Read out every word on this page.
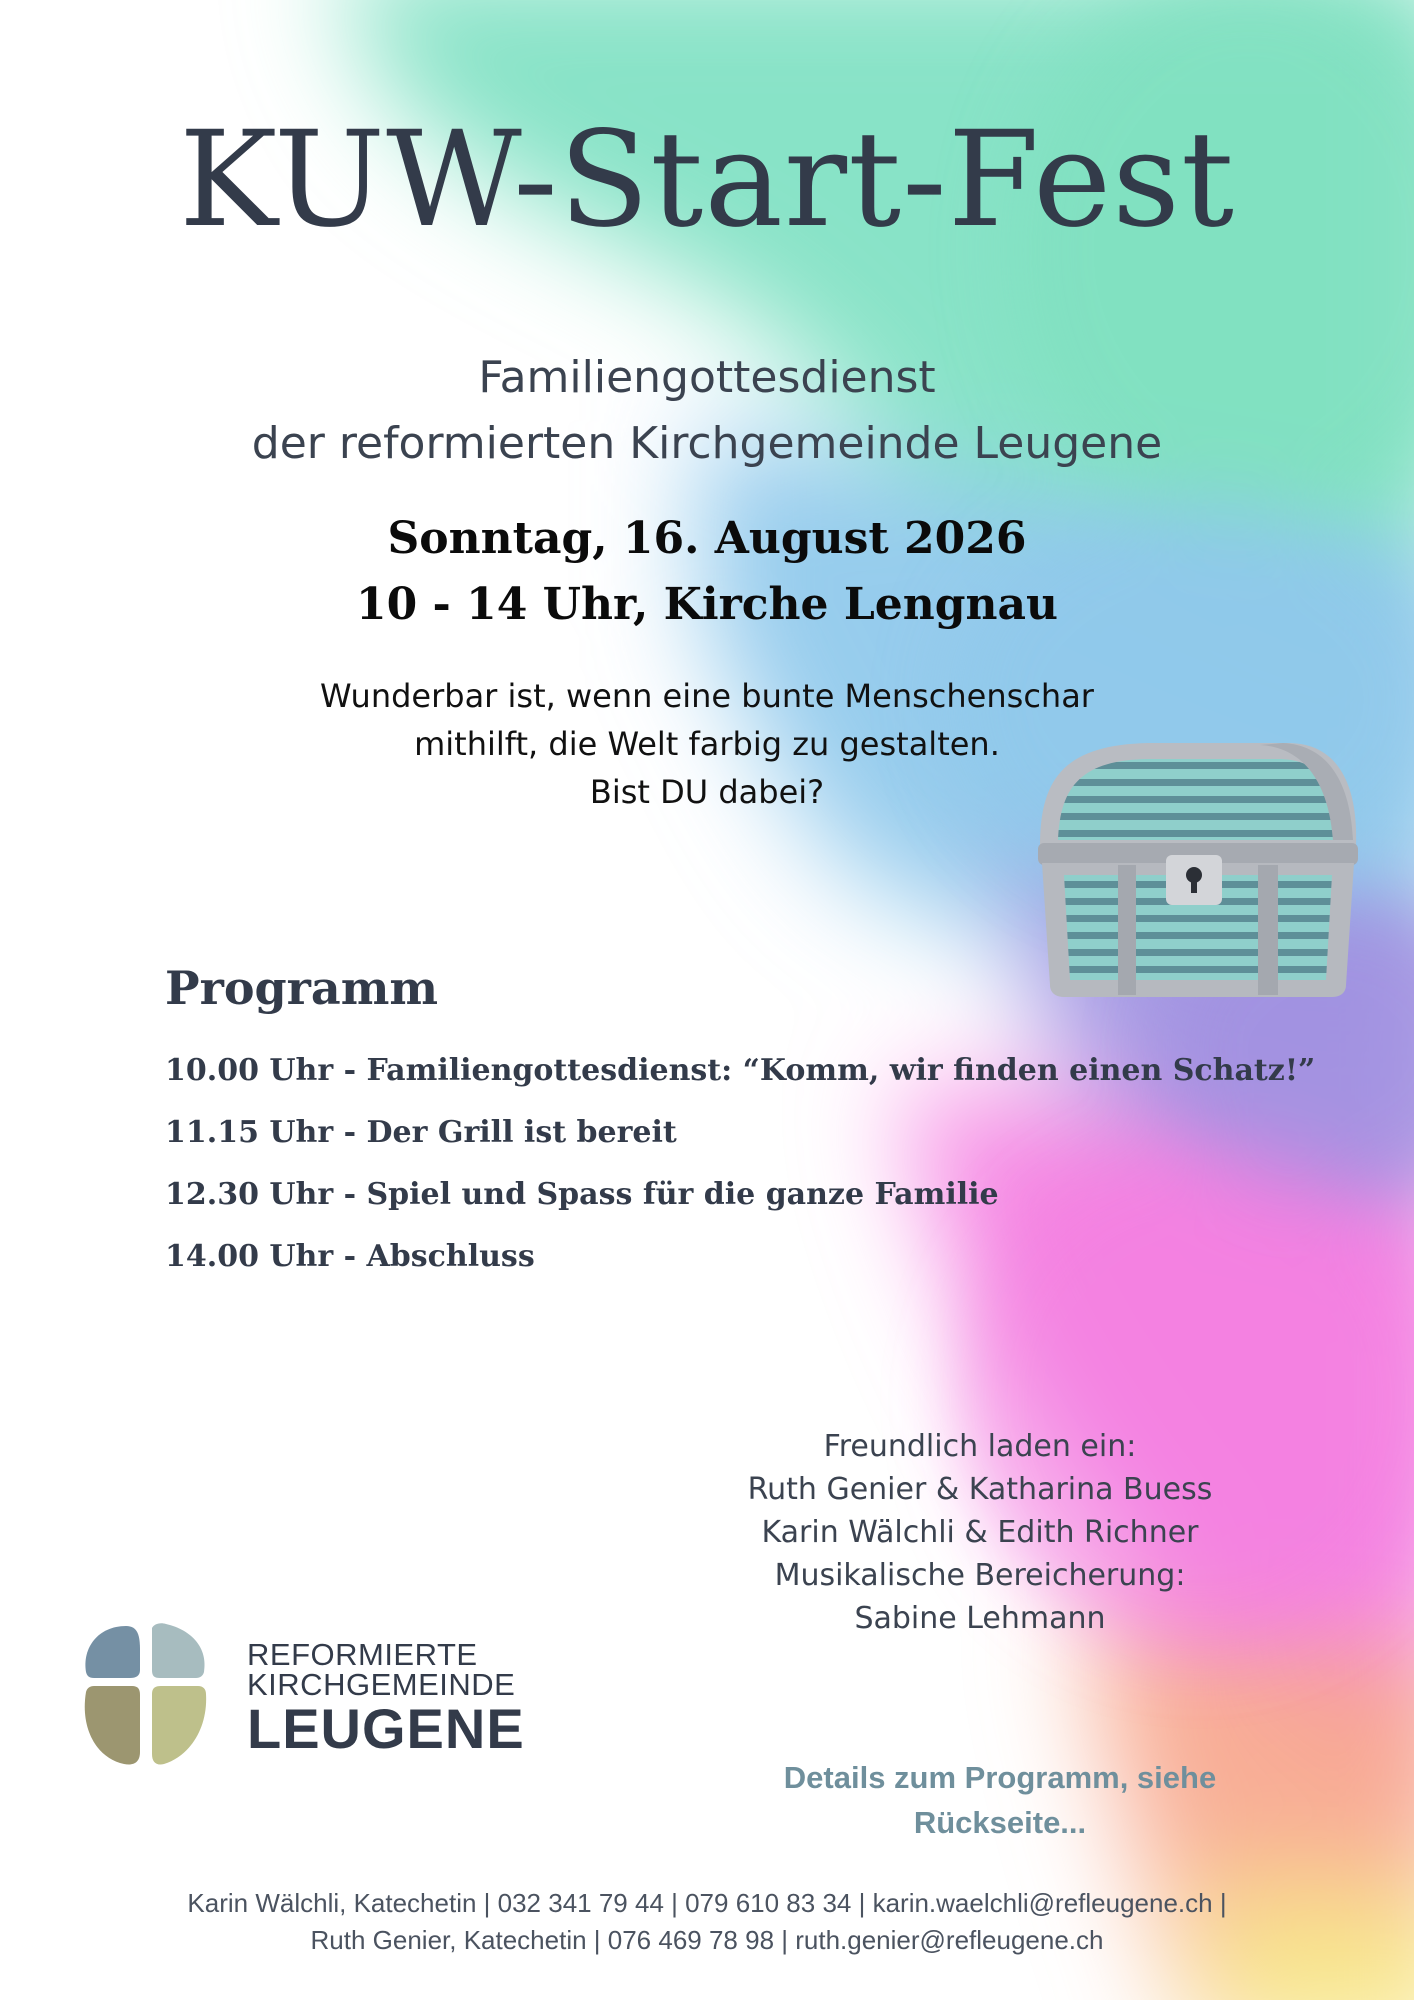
KUW-Start-Fest
Familiengottesdienst
der reformierten Kirchgemeinde Leugene
Sonntag, 16. August 2026
10 - 14 Uhr, Kirche Lengnau
Wunderbar ist, wenn eine bunte Menschenschar
mithilft, die Welt farbig zu gestalten.
Bist DU dabei?
Programm
10.00 Uhr - Familiengottesdienst: “Komm, wir finden einen Schatz!”
11.15 Uhr - Der Grill ist bereit
12.30 Uhr - Spiel und Spass für die ganze Familie
14.00 Uhr - Abschluss
Freundlich laden ein:
Ruth Genier & Katharina Buess
Karin Wälchli & Edith Richner
Musikalische Bereicherung:
Sabine Lehmann
REFORMIERTE
KIRCHGEMEINDE
LEUGENE
Details zum Programm, siehe
Rückseite...
Karin Wälchli, Katechetin | 032 341 79 44 | 079 610 83 34 | karin.waelchli@refleugene.ch |
Ruth Genier, Katechetin | 076 469 78 98 | ruth.genier@refleugene.ch
